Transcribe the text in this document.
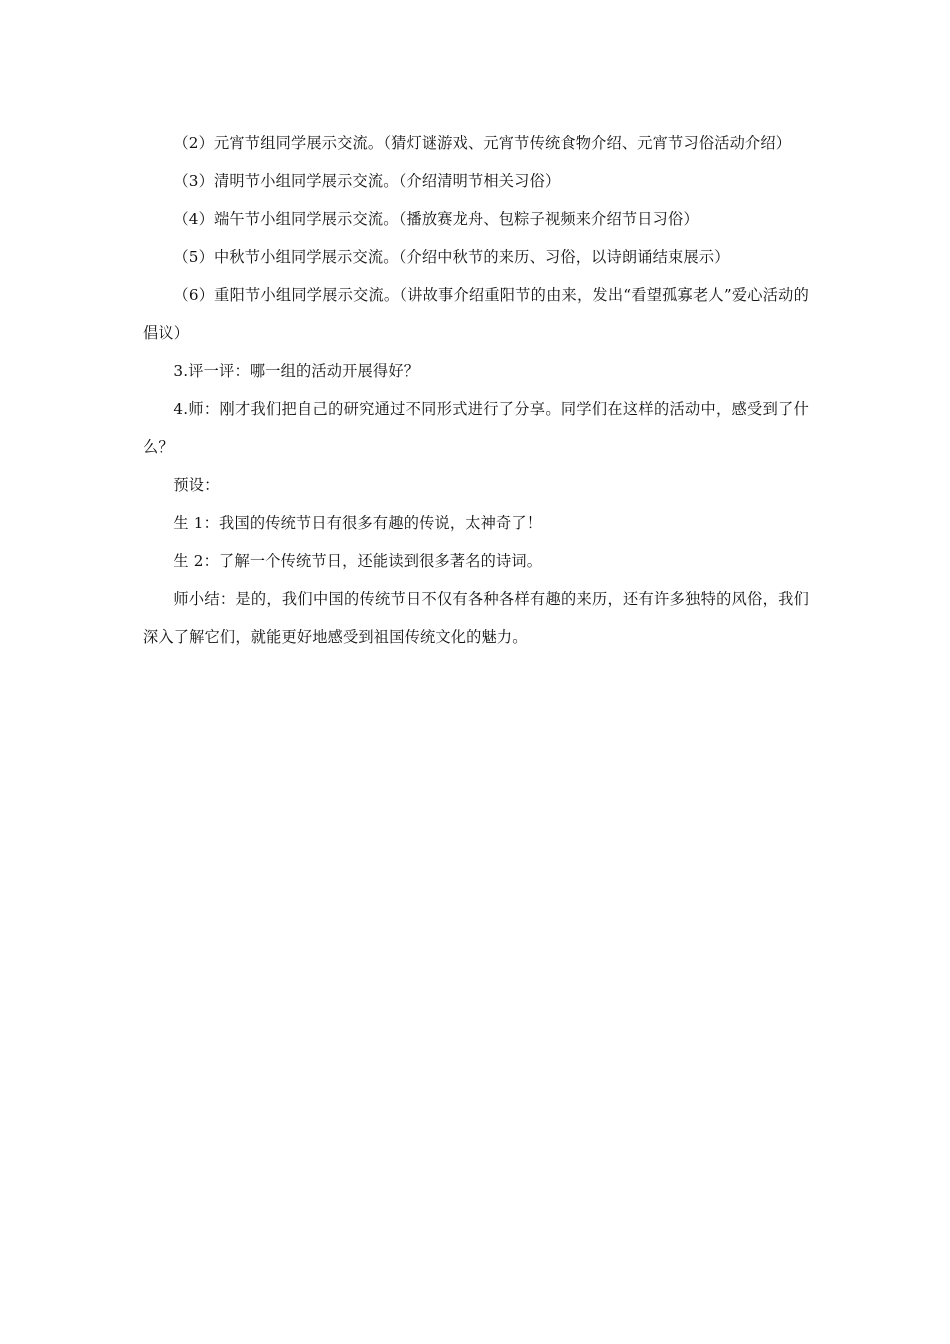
（2）元宵节组同学展示交流。（猜灯谜游戏、元宵节传统食物介绍、元宵节习俗活动介绍）

（3）清明节小组同学展示交流。（介绍清明节相关习俗）

（4）端午节小组同学展示交流。（播放赛龙舟、包粽子视频来介绍节日习俗）

（5）中秋节小组同学展示交流。（介绍中秋节的来历、习俗，以诗朗诵结束展示）

（6）重阳节小组同学展示交流。（讲故事介绍重阳节的由来，发出“看望孤寡老人”爱心活动的倡议）

3.评一评：哪一组的活动开展得好？

4.师：刚才我们把自己的研究通过不同形式进行了分享。同学们在这样的活动中，感受到了什么？

预设：

生 1：我国的传统节日有很多有趣的传说，太神奇了！

生 2：了解一个传统节日，还能读到很多著名的诗词。

师小结：是的，我们中国的传统节日不仅有各种各样有趣的来历，还有许多独特的风俗，我们深入了解它们，就能更好地感受到祖国传统文化的魅力。
